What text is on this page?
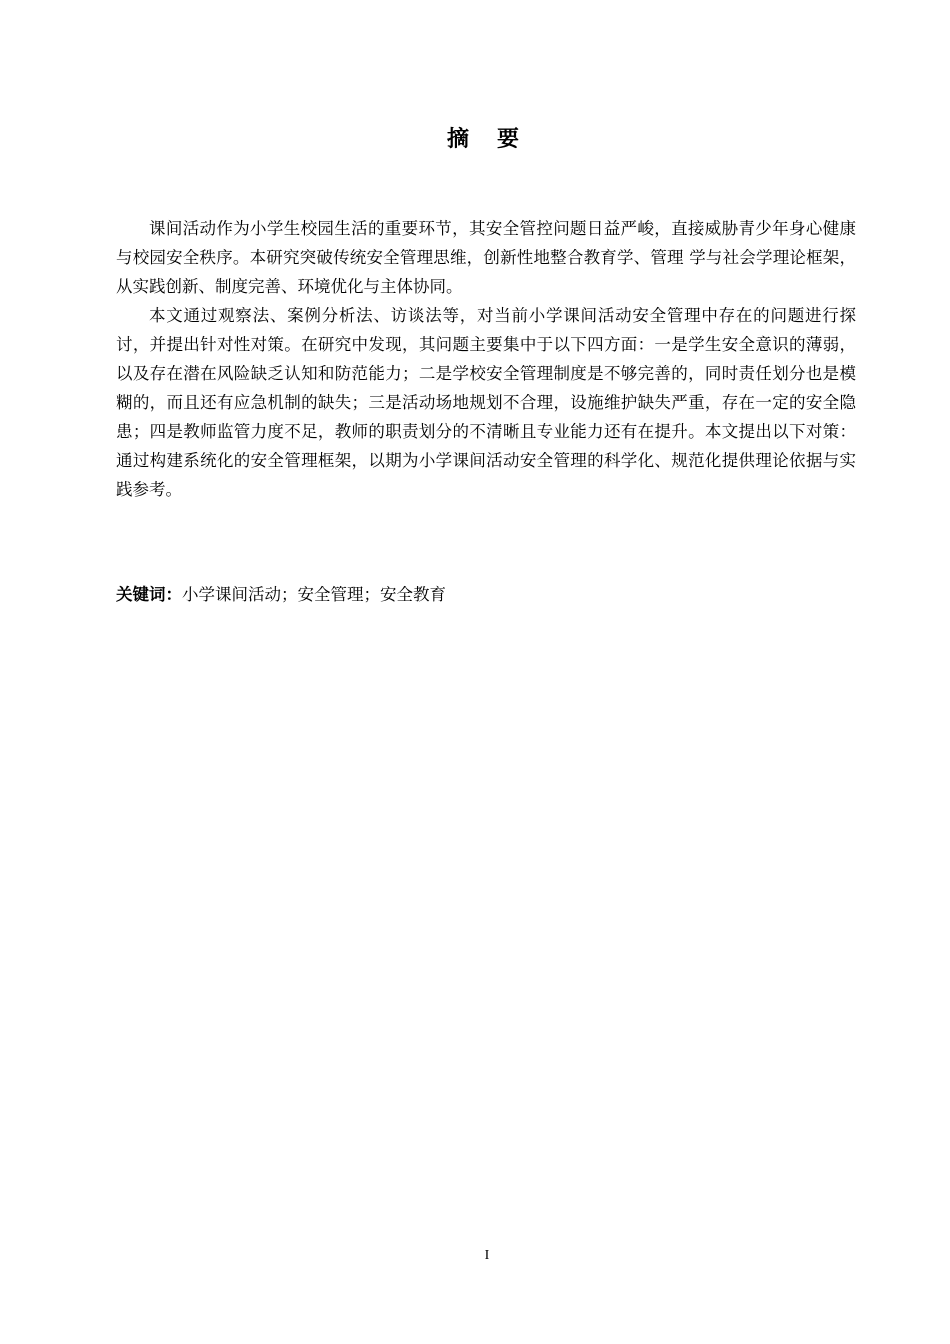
摘 要

课间活动作为小学生校园生活的重要环节，其安全管控问题日益严峻，直接威胁青少年身心健康与校园安全秩序。本研究突破传统安全管理思维，创新性地整合教育学、管理 学与社会学理论框架，从实践创新、制度完善、环境优化与主体协同。

本文通过观察法、案例分析法、访谈法等，对当前小学课间活动安全管理中存在的问题进行探讨，并提出针对性对策。在研究中发现，其问题主要集中于以下四方面：一是学生安全意识的薄弱，以及存在潜在风险缺乏认知和防范能力；二是学校安全管理制度是不够完善的，同时责任划分也是模糊的，而且还有应急机制的缺失；三是活动场地规划不合理，设施维护缺失严重，存在一定的安全隐患；四是教师监管力度不足，教师的职责划分的不清晰且专业能力还有在提升。本文提出以下对策：通过构建系统化的安全管理框架，以期为小学课间活动安全管理的科学化、规范化提供理论依据与实践参考。

关键词：小学课间活动；安全管理；安全教育
I
